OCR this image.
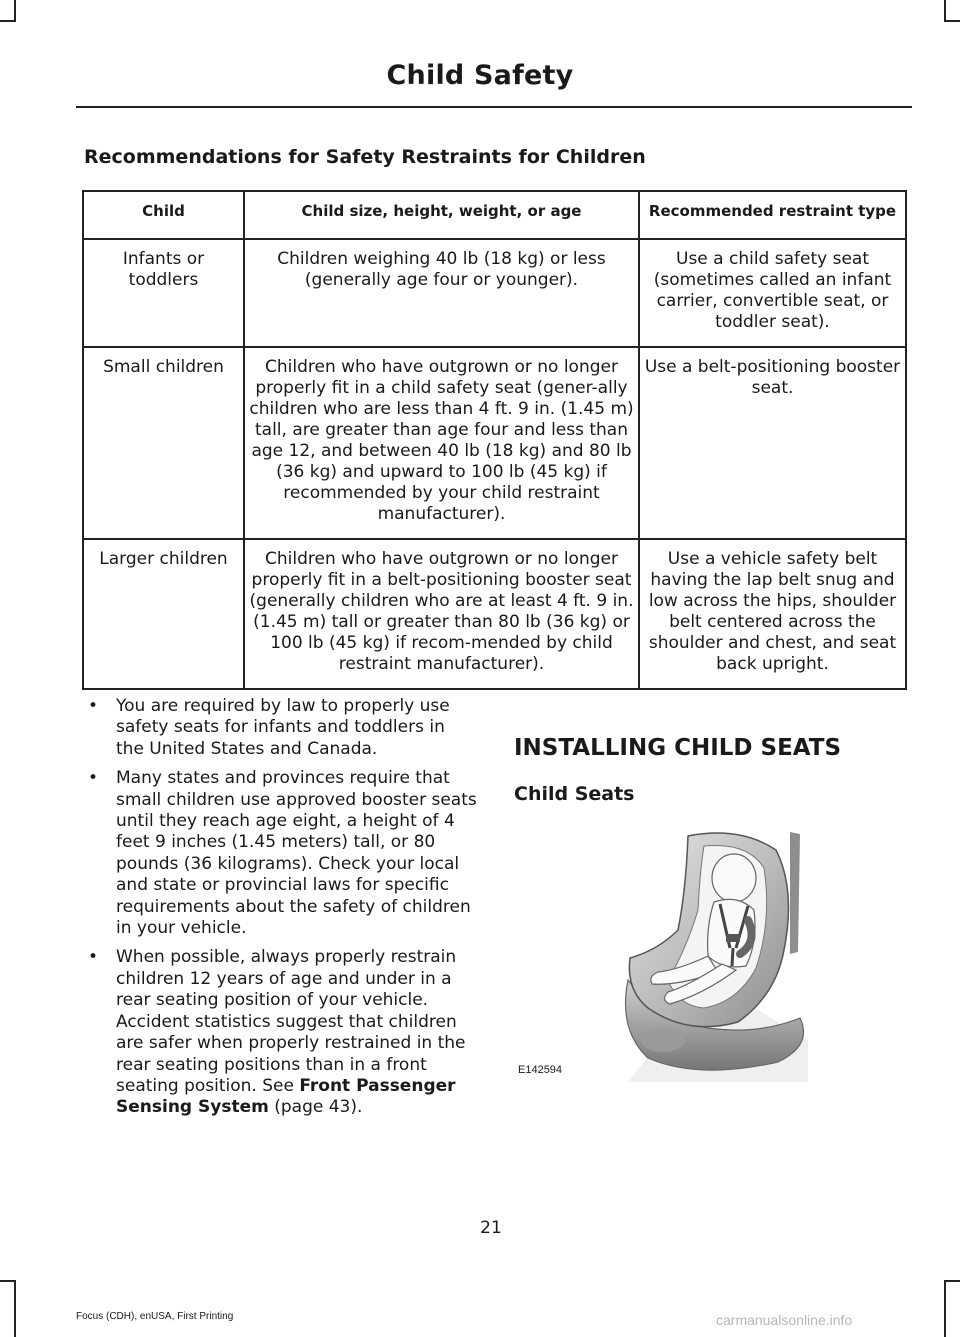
Child Safety
Recommendations for Safety Restraints for Children
Child	Child size, height, weight, or age	Recommended restraint type
Infants or toddlers	Children weighing 40 lb (18 kg) or less (generally age four or younger).	Use a child safety seat (sometimes called an infant carrier, convertible seat, or toddler seat).
Small children	Children who have outgrown or no longer properly fit in a child safety seat (gener-ally children who are less than 4 ft. 9 in. (1.45 m) tall, are greater than age four and less than age 12, and between 40 lb (18 kg) and 80 lb (36 kg) and upward to 100 lb (45 kg) if recommended by your child restraint manufacturer).	Use a belt-positioning booster seat.
Larger children	Children who have outgrown or no longer properly fit in a belt-positioning booster seat (generally children who are at least 4 ft. 9 in. (1.45 m) tall or greater than 80 lb (36 kg) or 100 lb (45 kg) if recom-mended by child restraint manufacturer).	Use a vehicle safety belt having the lap belt snug and low across the hips, shoulder belt centered across the shoulder and chest, and seat back upright.
• You are required by law to properly use safety seats for infants and toddlers in the United States and Canada.
• Many states and provinces require that small children use approved booster seats until they reach age eight, a height of 4 feet 9 inches (1.45 meters) tall, or 80 pounds (36 kilograms). Check your local and state or provincial laws for specific requirements about the safety of children in your vehicle.
• When possible, always properly restrain children 12 years of age and under in a rear seating position of your vehicle. Accident statistics suggest that children are safer when properly restrained in the rear seating positions than in a front seating position. See Front Passenger Sensing System (page 43).
INSTALLING CHILD SEATS
Child Seats
E142594
21
Focus (CDH), enUSA, First Printing	carmanualsonline.info
